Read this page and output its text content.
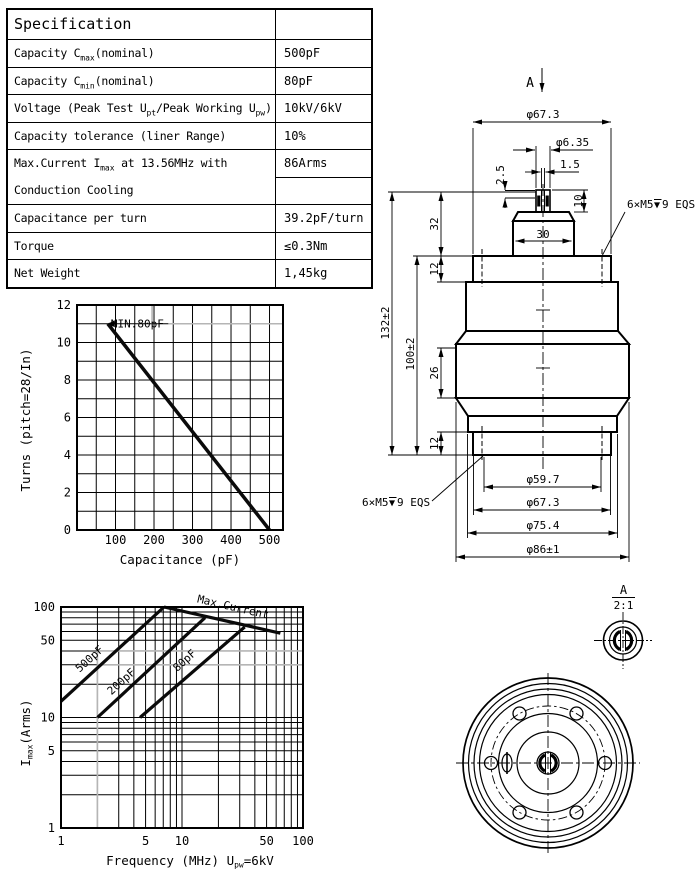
Specification
Capacity $C_{max}(nominal)$	500pF
Capacity $C_{min}(nominal)$	80pF
Voltage (Peak Test $U_{pt}$/Peak Working $U_{pw}$)	10kV/6kV
Capacity tolerance (liner Range)	10%
Max.Current $I_{max}$ at 13.56MHz with	86Arms
Conduction Cooling
Capacitance per turn	39.2pF/turn
Torque	≤0.3Nm
Net Weight	1,45kg
MIN.80pF
100 200 300 400 500
0
2
4
6
8
10
12
Capacitance (pF)
Turns (pitch=28/In)
500pF
200pF
80pF
Max.Current
1	5 10	50 100
1
5
10
50
100
Frequency (MHz) $U_{pw}=6kV$
$I_{max}(Arms)$
A
φ67.3
φ6.35
1.5
2.5
10
30
132±2
100±2
32
12
26
12
φ59.7
φ67.3
φ75.4
φ86±1
6×M5 ▼ 9 EQS
6×M5 ▼ 9 EQS
A
2:1
